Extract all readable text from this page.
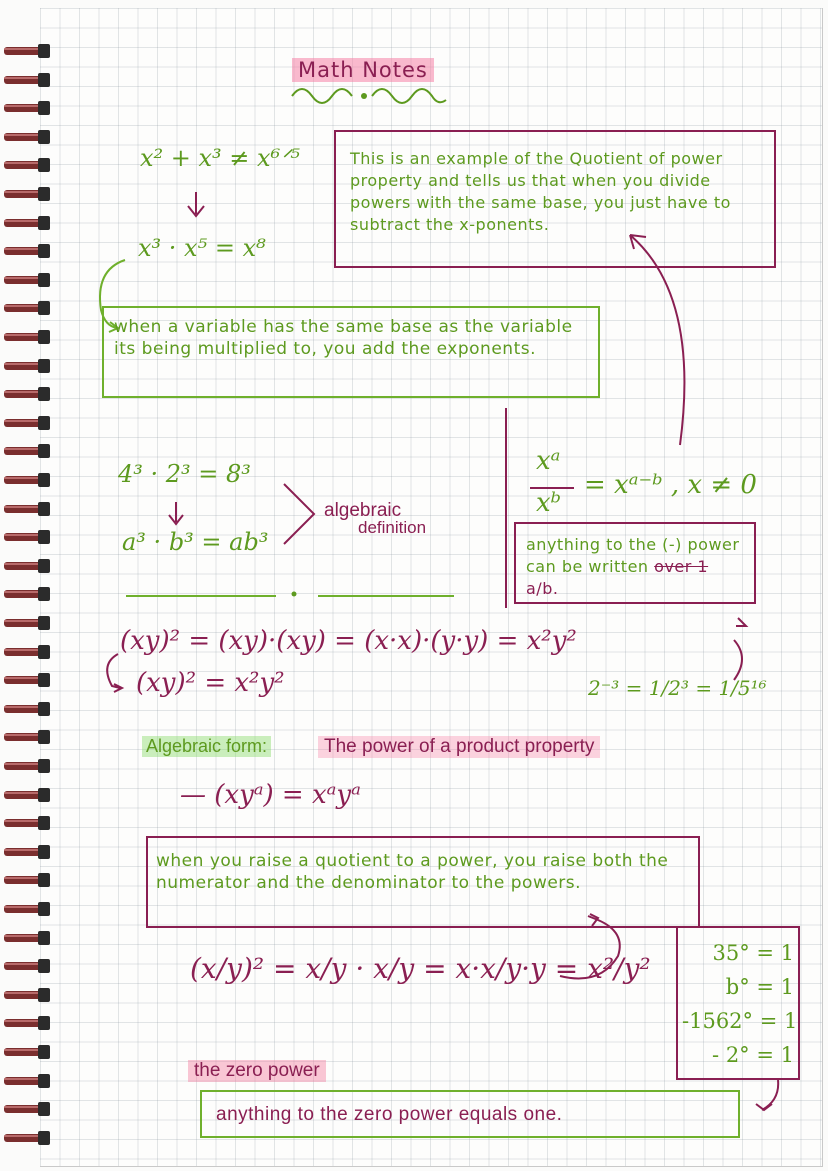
Math Notes
x² + x³ ≠ x⁶ᐟ⁵
x³ · x⁵ = x⁸
when a variable has the same base as the variable its being multiplied to, you add the exponents.
This is an example of the Quotient of power property and tells us that when you divide powers with the same base, you just have to subtract the x-ponents.
xᵃ
xᵇ
= xᵃ⁻ᵇ , x ≠ 0
anything to the (-) power can be written over 1 a/b.
4³ · 2³ = 8³
a³ · b³ = ab³
algebraic
definition
(xy)² = (xy)·(xy) = (x·x)·(y·y) = x²y²
(xy)² = x²y²	2⁻³ = 1/2³ = 1/5¹⁶
Algebraic form:	The power of a product property
— (xyᵃ) = xᵃyᵃ
when you raise a quotient to a power, you raise both the numerator and the denominator to the powers.
(x/y)² = x/y · x/y = x·x/y·y = x²/y²	35° = 1
b° = 1
-1562° = 1
- 2° = 1
the zero power
anything to the zero power equals one.
